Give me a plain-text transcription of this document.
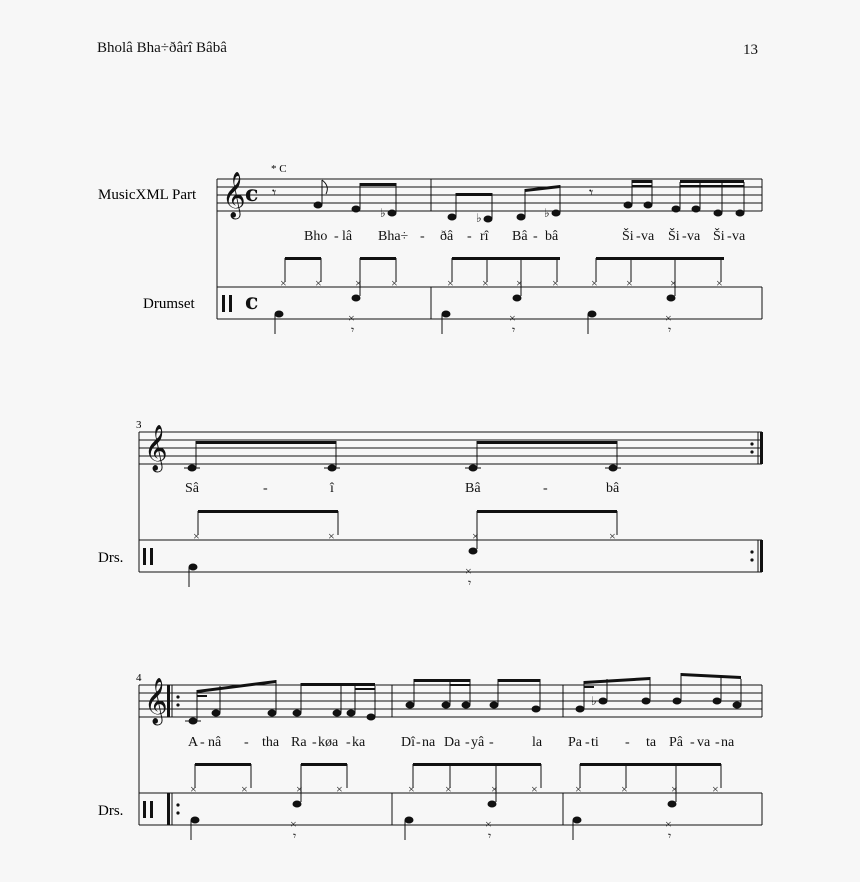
Bholâ Bha÷ðârî Bâbâ	13
𝄞 c
c
𝄾
♭	♭	♭
𝄾
× ×	× ×	× × × ×	× ×	×	×
×
𝄾
×
𝄾
×
𝄾
𝄞
×	×	×	×
×
𝄾
𝄞	♭
×	×	×	×	×	×	×	×	×	×	×	×
×
𝄾
×
𝄾
×
𝄾
MusicXML Part
Drumset
Drs.
Drs.
* C
3
4
Bho - lâ Bha÷ - ðâ - rî Bâ - bâ	Ši - va Ši - va Ši - va
Sâ	-	î	Bâ	-	bâ
A - nâ - tha Ra - køa - ka	Dî - na Da - yâ -	la Pa - ti - ta Pâ - va - na
